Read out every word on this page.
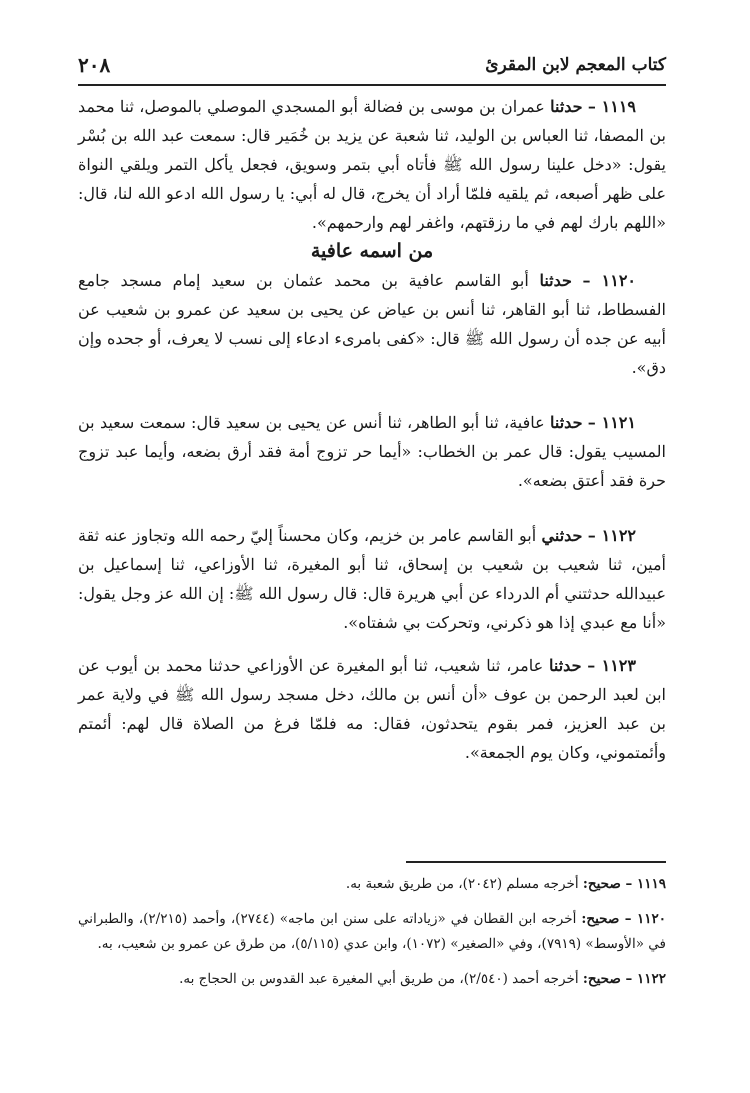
٢٠٨	كتاب المعجم لابن المقرئ

١١١٩ – حدثنا عمران بن موسى بن فضالة أبو المسجدي الموصلي بالموصل، ثنا محمد بن المصفا، ثنا العباس بن الوليد، ثنا شعبة عن يزيد بن خُمَير قال: سمعت عبد الله بن بُسْر يقول: «دخل علينا رسول الله ﷺ فأتاه أبي بتمر وسويق، فجعل يأكل التمر ويلقي النواة على ظهر أصبعه، ثم يلقيه فلمّا أراد أن يخرج، قال له أبي: يا رسول الله ادعو الله لنا، قال: «اللهم بارك لهم في ما رزقتهم، واغفر لهم وارحمهم».

من اسمه عافية

١١٢٠ – حدثنا أبو القاسم عافية بن محمد عثمان بن سعيد إمام مسجد جامع الفسطاط، ثنا أبو القاهر، ثنا أنس بن عياض عن يحيى بن سعيد عن عمرو بن شعيب عن أبيه عن جده أن رسول الله ﷺ قال: «كفى بامرىء ادعاء إلى نسب لا يعرف، أو جحده وإن دق».

١١٢١ – حدثنا عافية، ثنا أبو الطاهر، ثنا أنس عن يحيى بن سعيد قال: سمعت سعيد بن المسيب يقول: قال عمر بن الخطاب: «أيما حر تزوج أمة فقد أرق بضعه، وأيما عبد تزوج حرة فقد أعتق بضعه».

١١٢٢ – حدثني أبو القاسم عامر بن خزيم، وكان محسناً إليّ رحمه الله وتجاوز عنه ثقة أمين، ثنا شعيب بن شعيب بن إسحاق، ثنا أبو المغيرة، ثنا الأوزاعي، ثنا إسماعيل بن عبيدالله حدثتني أم الدرداء عن أبي هريرة قال: قال رسول الله ﷺ: إن الله عز وجل يقول: «أنا مع عبدي إذا هو ذكرني، وتحركت بي شفتاه».

١١٢٣ – حدثنا عامر، ثنا شعيب، ثنا أبو المغيرة عن الأوزاعي حدثنا محمد بن أيوب عن ابن لعبد الرحمن بن عوف «أن أنس بن مالك، دخل مسجد رسول الله ﷺ في ولاية عمر بن عبد العزيز، فمر بقوم يتحدثون، فقال: مه فلمّا فرغ من الصلاة قال لهم: أئمتم وأئمتموني، وكان يوم الجمعة».

١١١٩ – صحيح: أخرجه مسلم (٢٠٤٢)، من طريق شعبة به.

١١٢٠ – صحيح: أخرجه ابن القطان في «زياداته على سنن ابن ماجه» (٢٧٤٤)، وأحمد (٢/٢١٥)، والطبراني في «الأوسط» (٧٩١٩)، وفي «الصغير» (١٠٧٢)، وابن عدي (٥/١١٥)، من طرق عن عمرو بن شعيب، به.

١١٢٢ – صحيح: أخرجه أحمد (٢/٥٤٠)، من طريق أبي المغيرة عبد القدوس بن الحجاج به.
